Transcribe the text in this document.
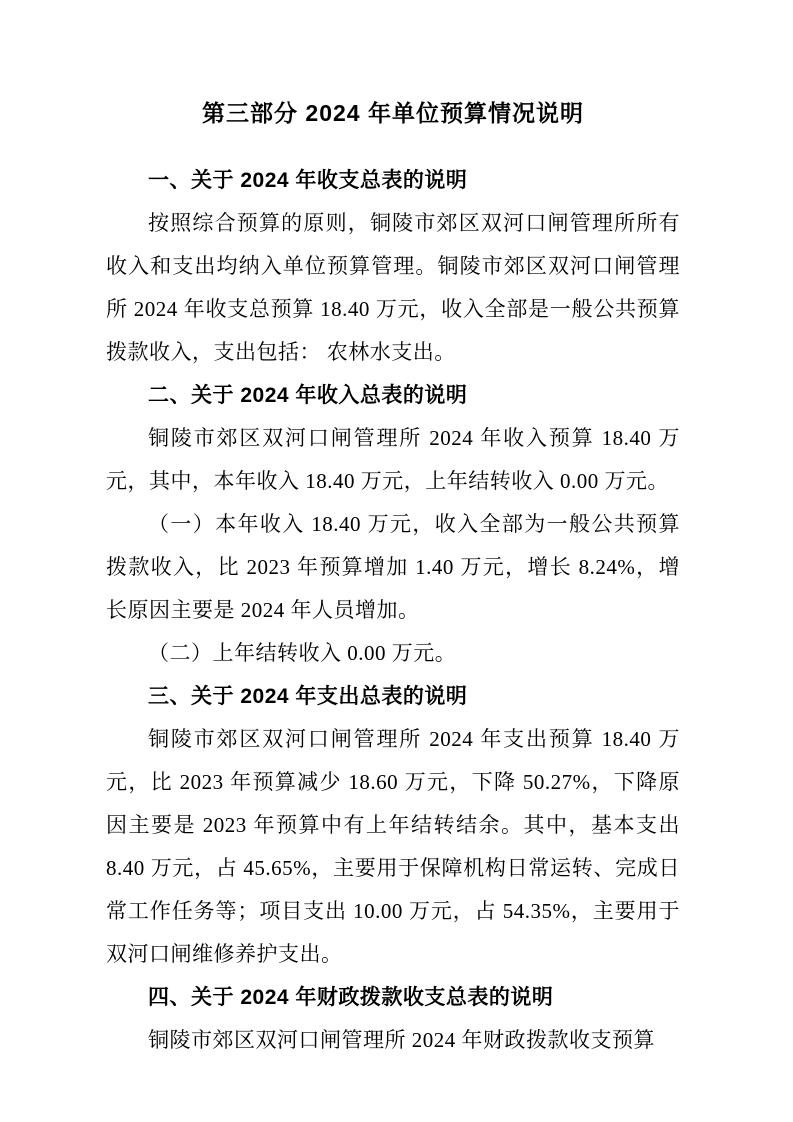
第三部分 2024 年单位预算情况说明
一、关于 2024 年收支总表的说明

按照综合预算的原则，铜陵市郊区双河口闸管理所所有收入和支出均纳入单位预算管理。铜陵市郊区双河口闸管理所 2024 年收支总预算 18.40 万元，收入全部是一般公共预算拨款收入，支出包括： 农林水支出。

二、关于 2024 年收入总表的说明

铜陵市郊区双河口闸管理所 2024 年收入预算 18.40 万元，其中，本年收入 18.40 万元，上年结转收入 0.00 万元。

（一）本年收入 18.40 万元，收入全部为一般公共预算拨款收入，比 2023 年预算增加 1.40 万元，增长 8.24%，增长原因主要是 2024 年人员增加。

（二）上年结转收入 0.00 万元。

三、关于 2024 年支出总表的说明

铜陵市郊区双河口闸管理所 2024 年支出预算 18.40 万元，比 2023 年预算减少 18.60 万元，下降 50.27%，下降原因主要是 2023 年预算中有上年结转结余。其中，基本支出 8.40 万元，占 45.65%，主要用于保障机构日常运转、完成日常工作任务等；项目支出 10.00 万元，占 54.35%，主要用于双河口闸维修养护支出。

四、关于 2024 年财政拨款收支总表的说明

铜陵市郊区双河口闸管理所 2024 年财政拨款收支预算
